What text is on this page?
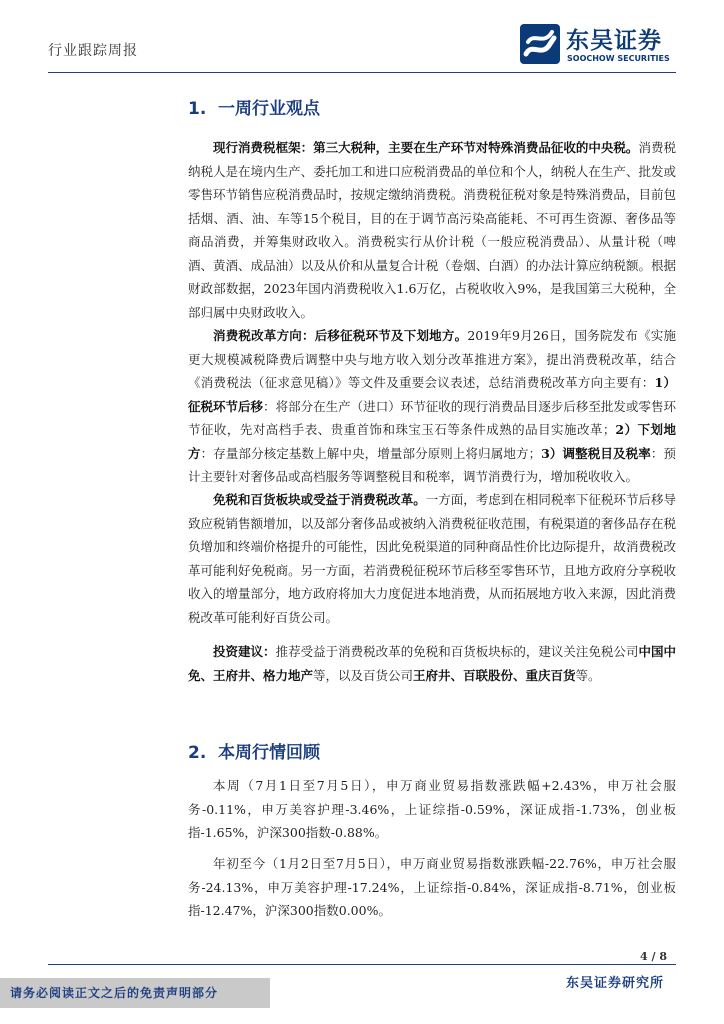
行业跟踪周报	东吴证券
SOOCHOW SECURITIES
1. 一周行业观点

现行消费税框架：第三大税种，主要在生产环节对特殊消费品征收的中央税。消费税纳税人是在境内生产、委托加工和进口应税消费品的单位和个人，纳税人在生产、批发或零售环节销售应税消费品时，按规定缴纳消费税。消费税征税对象是特殊消费品，目前包括烟、酒、油、车等15个税目，目的在于调节高污染高能耗、不可再生资源、奢侈品等商品消费，并筹集财政收入。消费税实行从价计税（一般应税消费品）、从量计税（啤酒、黄酒、成品油）以及从价和从量复合计税（卷烟、白酒）的办法计算应纳税额。根据财政部数据，2023年国内消费税收入1.6万亿，占税收收入9%，是我国第三大税种，全部归属中央财政收入。

消费税改革方向：后移征税环节及下划地方。2019年9月26日，国务院发布《实施更大规模减税降费后调整中央与地方收入划分改革推进方案》，提出消费税改革，结合《消费税法（征求意见稿）》等文件及重要会议表述，总结消费税改革方向主要有：1）征税环节后移：将部分在生产（进口）环节征收的现行消费品目逐步后移至批发或零售环节征收，先对高档手表、贵重首饰和珠宝玉石等条件成熟的品目实施改革；2）下划地方：存量部分核定基数上解中央，增量部分原则上将归属地方；3）调整税目及税率：预计主要针对奢侈品或高档服务等调整税目和税率，调节消费行为，增加税收收入。

免税和百货板块或受益于消费税改革。一方面，考虑到在相同税率下征税环节后移导致应税销售额增加，以及部分奢侈品或被纳入消费税征收范围，有税渠道的奢侈品存在税负增加和终端价格提升的可能性，因此免税渠道的同种商品性价比边际提升，故消费税改革可能利好免税商。另一方面，若消费税征税环节后移至零售环节，且地方政府分享税收收入的增量部分，地方政府将加大力度促进本地消费，从而拓展地方收入来源，因此消费税改革可能利好百货公司。

投资建议：推荐受益于消费税改革的免税和百货板块标的，建议关注免税公司中国中免、王府井、格力地产等，以及百货公司王府井、百联股份、重庆百货等。

2. 本周行情回顾

本周（7月1日至7月5日），申万商业贸易指数涨跌幅+2.43%，申万社会服务-0.11%，申万美容护理-3.46%，上证综指-0.59%，深证成指-1.73%，创业板指-1.65%，沪深300指数-0.88%。

年初至今（1月2日至7月5日），申万商业贸易指数涨跌幅-22.76%，申万社会服务-24.13%，申万美容护理-17.24%，上证综指-0.84%，深证成指-8.71%，创业板指-12.47%，沪深300指数0.00%。

4 / 8
东吴证券研究所
请务必阅读正文之后的免责声明部分
